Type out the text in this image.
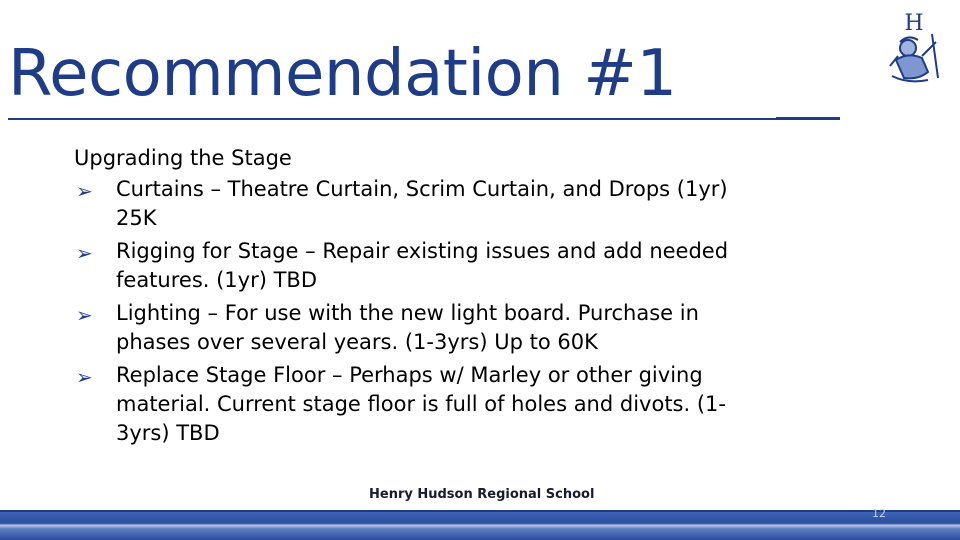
Recommendation #1
H
Upgrading the Stage
➢ Curtains – Theatre Curtain, Scrim Curtain, and Drops (1yr) 25K
➢ Rigging for Stage – Repair existing issues and add needed features. (1yr) TBD
➢ Lighting – For use with the new light board. Purchase in phases over several years. (1-3yrs) Up to 60K
➢ Replace Stage Floor – Perhaps w/ Marley or other giving material. Current stage floor is full of holes and divots. (1-3yrs) TBD
Henry Hudson Regional School
12
